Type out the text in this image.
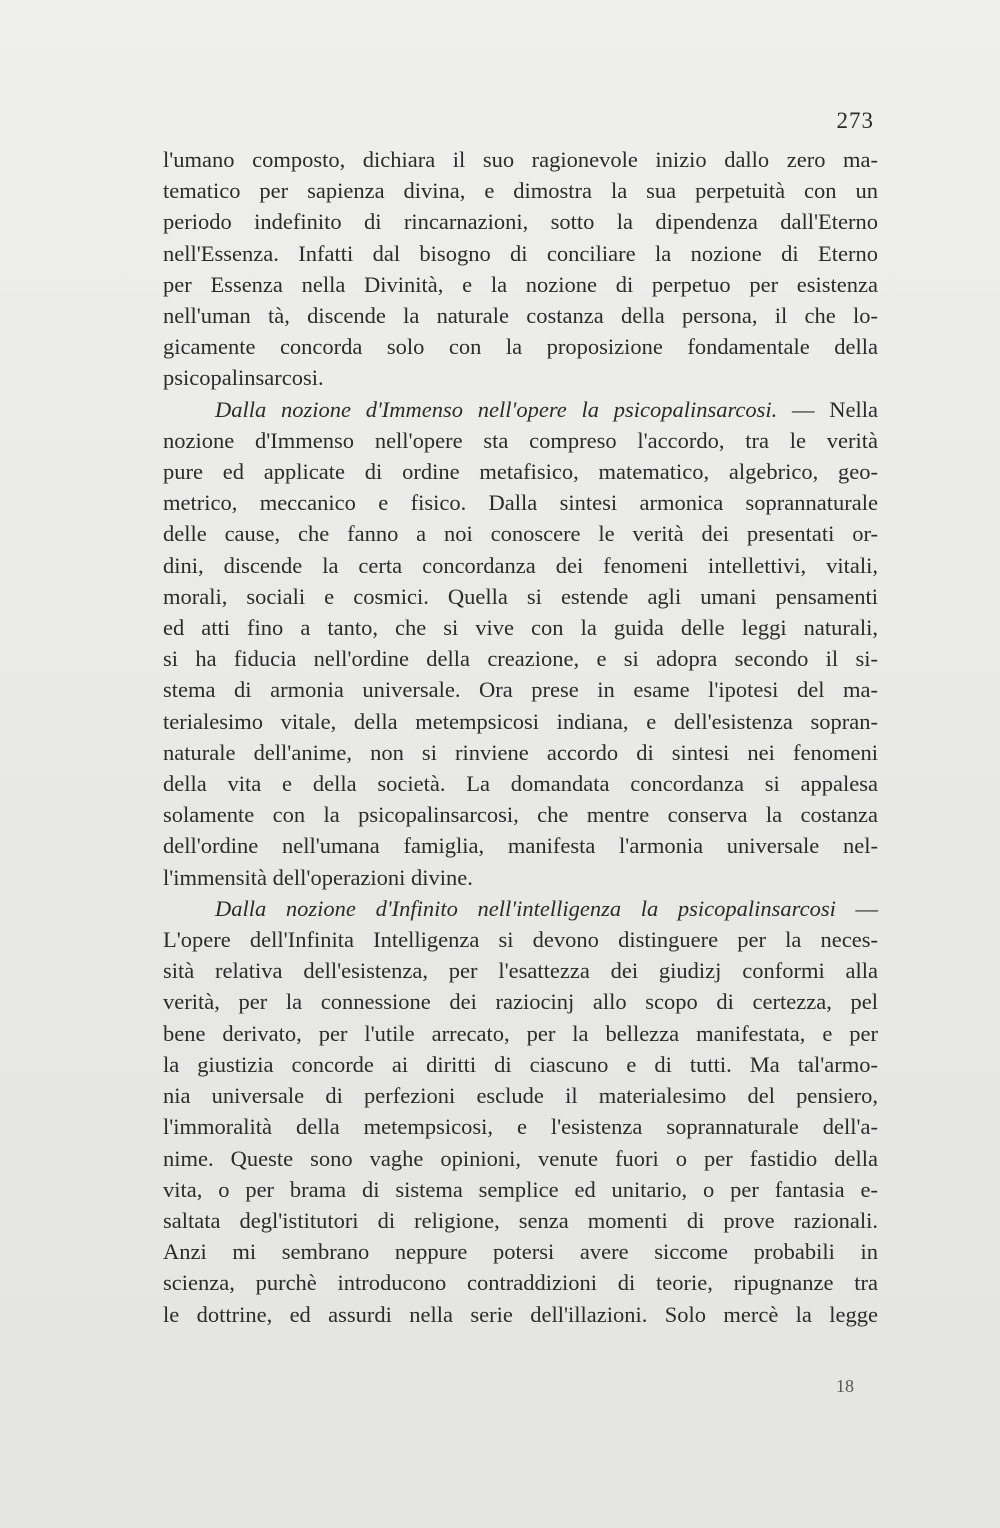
273
l'umano composto, dichiara il suo ragionevole inizio dallo zero ma-
tematico per sapienza divina, e dimostra la sua perpetuità con un
periodo indefinito di rincarnazioni, sotto la dipendenza dall'Eterno
nell'Essenza. Infatti dal bisogno di conciliare la nozione di Eterno
per Essenza nella Divinità, e la nozione di perpetuo per esistenza
nell'uman tà, discende la naturale costanza della persona, il che lo-
gicamente concorda solo con la proposizione fondamentale della
psicopalinsarcosi.
Dalla nozione d'Immenso nell'opere la psicopalinsarcosi. — Nella
nozione d'Immenso nell'opere sta compreso l'accordo, tra le verità
pure ed applicate di ordine metafisico, matematico, algebrico, geo-
metrico, meccanico e fisico. Dalla sintesi armonica soprannaturale
delle cause, che fanno a noi conoscere le verità dei presentati or-
dini, discende la certa concordanza dei fenomeni intellettivi, vitali,
morali, sociali e cosmici. Quella si estende agli umani pensamenti
ed atti fino a tanto, che si vive con la guida delle leggi naturali,
si ha fiducia nell'ordine della creazione, e si adopra secondo il si-
stema di armonia universale. Ora prese in esame l'ipotesi del ma-
terialesimo vitale, della metempsicosi indiana, e dell'esistenza sopran-
naturale dell'anime, non si rinviene accordo di sintesi nei fenomeni
della vita e della società. La domandata concordanza si appalesa
solamente con la psicopalinsarcosi, che mentre conserva la costanza
dell'ordine nell'umana famiglia, manifesta l'armonia universale nel-
l'immensità dell'operazioni divine.
Dalla nozione d'Infinito nell'intelligenza la psicopalinsarcosi —
L'opere dell'Infinita Intelligenza si devono distinguere per la neces-
sità relativa dell'esistenza, per l'esattezza dei giudizj conformi alla
verità, per la connessione dei raziocinj allo scopo di certezza, pel
bene derivato, per l'utile arrecato, per la bellezza manifestata, e per
la giustizia concorde ai diritti di ciascuno e di tutti. Ma tal'armo-
nia universale di perfezioni esclude il materialesimo del pensiero,
l'immoralità della metempsicosi, e l'esistenza soprannaturale dell'a-
nime. Queste sono vaghe opinioni, venute fuori o per fastidio della
vita, o per brama di sistema semplice ed unitario, o per fantasia e-
saltata degl'istitutori di religione, senza momenti di prove razionali.
Anzi mi sembrano neppure potersi avere siccome probabili in
scienza, purchè introducono contraddizioni di teorie, ripugnanze tra
le dottrine, ed assurdi nella serie dell'illazioni. Solo mercè la legge
18
